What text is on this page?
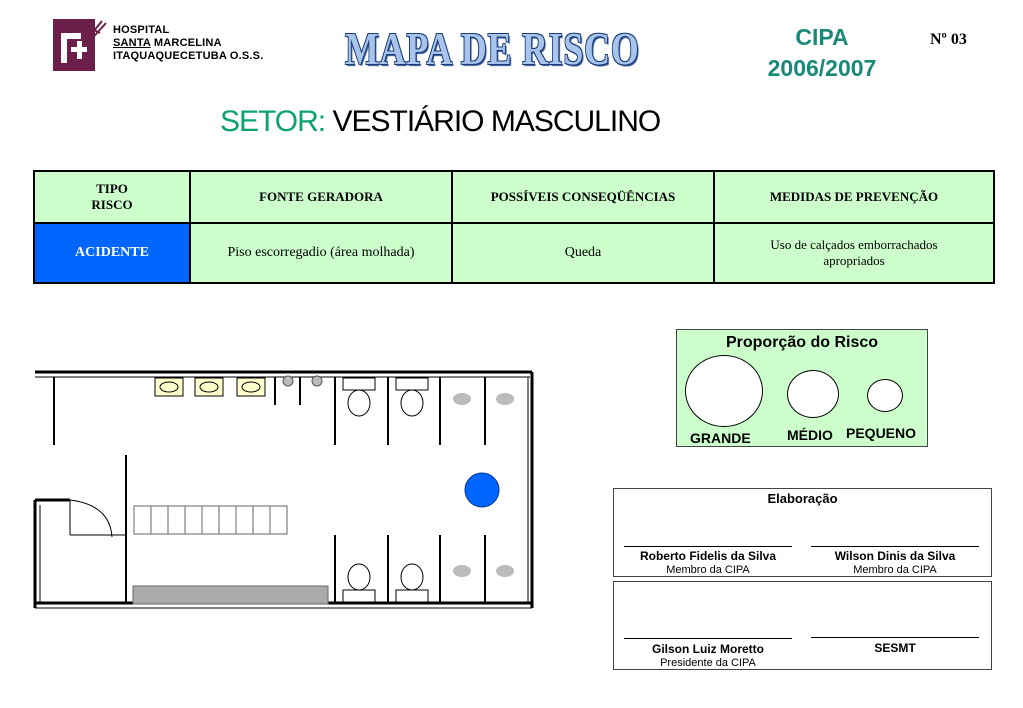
HOSPITAL
SANTA MARCELINA
ITAQUAQUECETUBA O.S.S. MAPA DE RISCO	CIPA
2006/2007
Nº 03
SETOR: VESTIÁRIO MASCULINO
TIPO
RISCO	FONTE GERADORA	POSSÍVEIS CONSEQÜÊNCIAS	MEDIDAS DE PREVENÇÃO
ACIDENTE	Piso escorregadio (área molhada)	Queda	Uso de calçados emborrachados apropriados
Proporção do Risco
GRANDE	MÉDIO PEQUENO
Elaboração
Roberto Fidelis da Silva
Membro da CIPA
Wilson Dinis da Silva
Membro da CIPA
Gilson Luiz Moretto
Presidente da CIPA
SESMT
